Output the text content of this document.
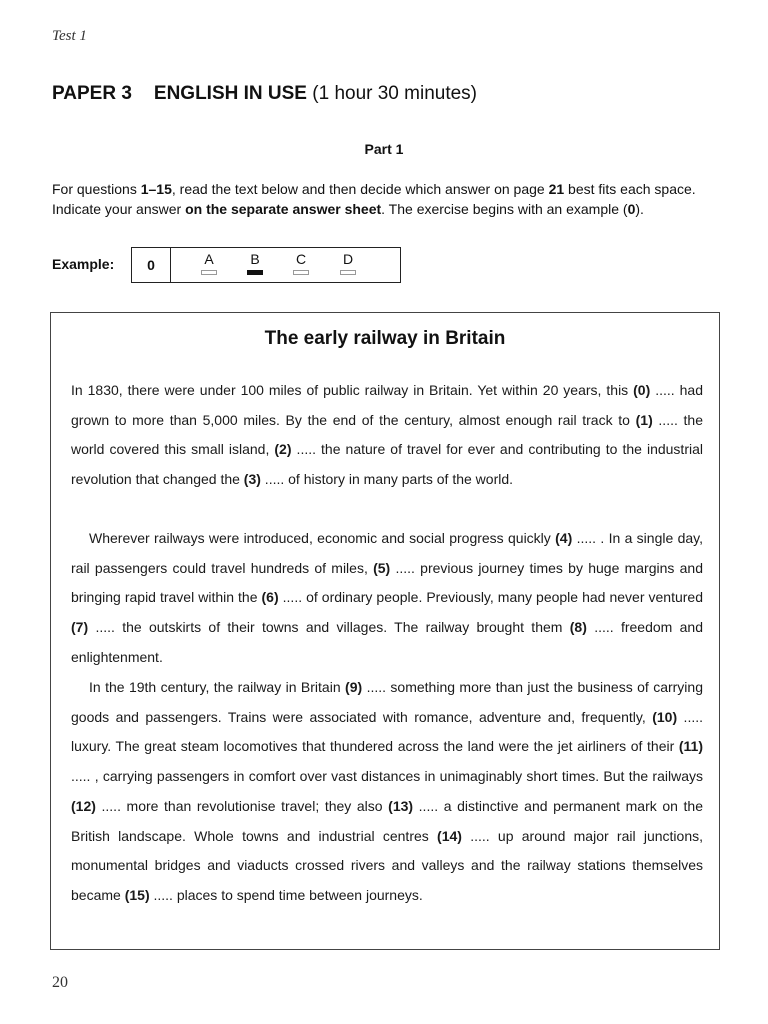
Test 1
PAPER 3 ENGLISH IN USE (1 hour 30 minutes)
Part 1
For questions 1–15, read the text below and then decide which answer on page 21 best fits each space. Indicate your answer on the separate answer sheet. The exercise begins with an example (0).
Example:	0	A	B	C	D
The early railway in Britain
In 1830, there were under 100 miles of public railway in Britain. Yet within 20 years, this (0) ..... had grown to more than 5,000 miles. By the end of the century, almost enough rail track to (1) ..... the world covered this small island, (2) ..... the nature of travel for ever and contributing to the industrial revolution that changed the (3) ..... of history in many parts of the world.
Wherever railways were introduced, economic and social progress quickly (4) ..... . In a single day, rail passengers could travel hundreds of miles, (5) ..... previous journey times by huge margins and bringing rapid travel within the (6) ..... of ordinary people. Previously, many people had never ventured (7) ..... the outskirts of their towns and villages. The railway brought them (8) ..... freedom and enlightenment.
In the 19th century, the railway in Britain (9) ..... something more than just the business of carrying goods and passengers. Trains were associated with romance, adventure and, frequently, (10) ..... luxury. The great steam locomotives that thundered across the land were the jet airliners of their (11) ..... , carrying passengers in comfort over vast distances in unimaginably short times. But the railways (12) ..... more than revolutionise travel; they also (13) ..... a distinctive and permanent mark on the British landscape. Whole towns and industrial centres (14) ..... up around major rail junctions, monumental bridges and viaducts crossed rivers and valleys and the railway stations themselves became (15) ..... places to spend time between journeys.
20
